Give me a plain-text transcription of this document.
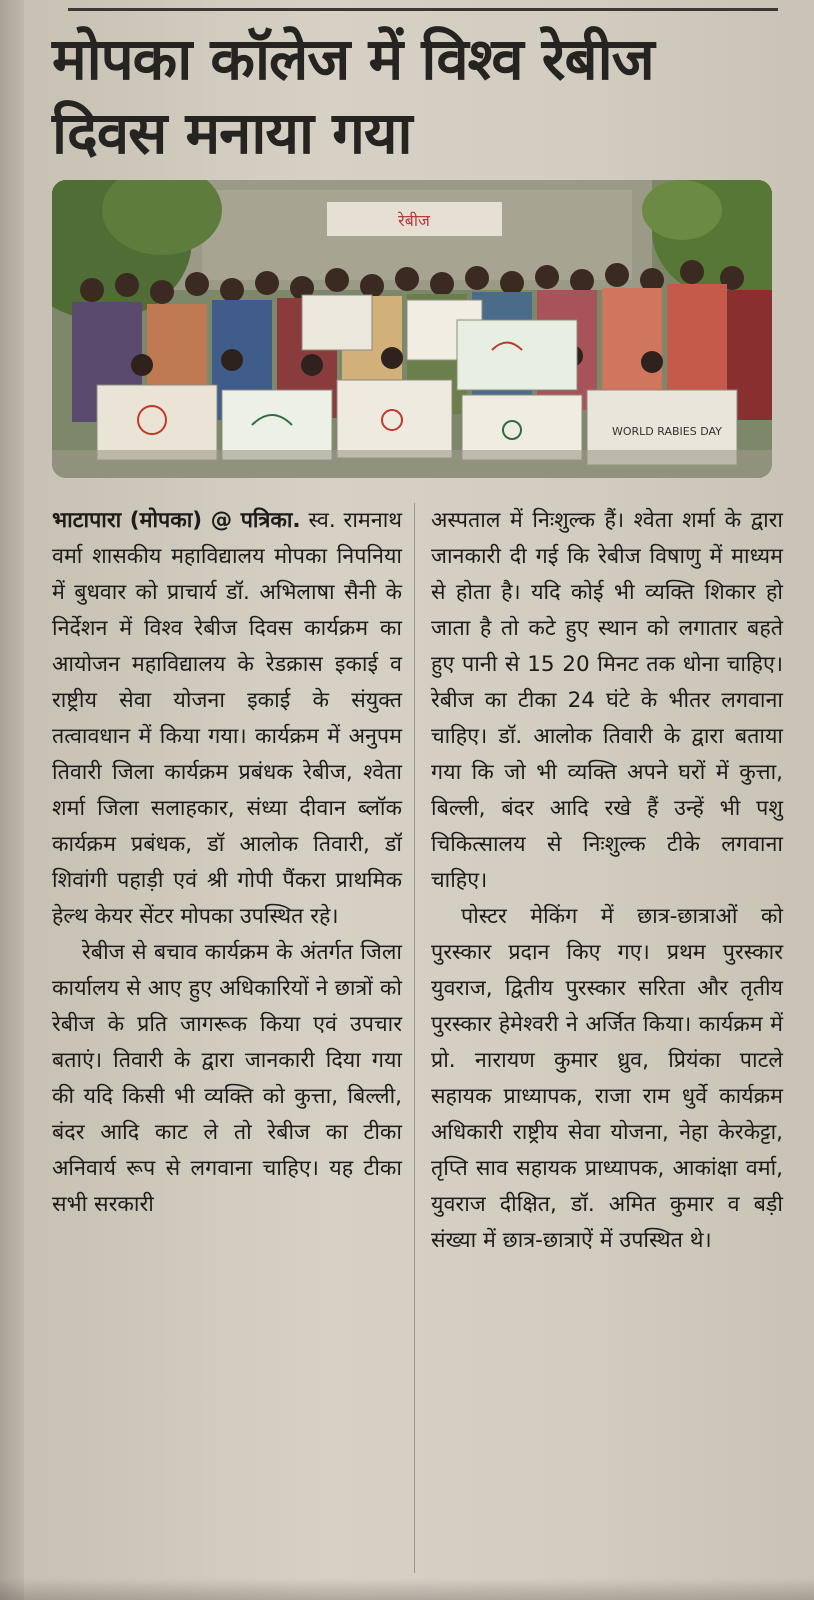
मोपका कॉलेज में विश्व रेबीज दिवस मनाया गया
रेबीज
WORLD RABIES DAY

भाटापारा (मोपका) @ पत्रिका. स्व. रामनाथ वर्मा शासकीय महाविद्यालय मोपका निपनिया में बुधवार को प्राचार्य डॉ. अभिलाषा सैनी के निर्देशन में विश्व रेबीज दिवस कार्यक्रम का आयोजन महाविद्यालय के रेडक्रास इकाई व राष्ट्रीय सेवा योजना इकाई के संयुक्त तत्वावधान में किया गया। कार्यक्रम में अनुपम तिवारी जिला कार्यक्रम प्रबंधक रेबीज, श्वेता शर्मा जिला सलाहकार, संध्या दीवान ब्लॉक कार्यक्रम प्रबंधक, डॉ आलोक तिवारी, डॉ शिवांगी पहाड़ी एवं श्री गोपी पैंकरा प्राथमिक हेल्थ केयर सेंटर मोपका उपस्थित रहे।

रेबीज से बचाव कार्यक्रम के अंतर्गत जिला कार्यालय से आए हुए अधिकारियों ने छात्रों को रेबीज के प्रति जागरूक किया एवं उपचार बताएं। तिवारी के द्वारा जानकारी दिया गया की यदि किसी भी व्यक्ति को कुत्ता, बिल्ली, बंदर आदि काट ले तो रेबीज का टीका अनिवार्य रूप से लगवाना चाहिए। यह टीका सभी सरकारी

अस्पताल में निःशुल्क हैं। श्वेता शर्मा के द्वारा जानकारी दी गई कि रेबीज विषाणु में माध्यम से होता है। यदि कोई भी व्यक्ति शिकार हो जाता है तो कटे हुए स्थान को लगातार बहते हुए पानी से 15 20 मिनट तक धोना चाहिए। रेबीज का टीका 24 घंटे के भीतर लगवाना चाहिए। डॉ. आलोक तिवारी के द्वारा बताया गया कि जो भी व्यक्ति अपने घरों में कुत्ता, बिल्ली, बंदर आदि रखे हैं उन्हें भी पशु चिकित्सालय से निःशुल्क टीके लगवाना चाहिए।

पोस्टर मेकिंग में छात्र-छात्राओं को पुरस्कार प्रदान किए गए। प्रथम पुरस्कार युवराज, द्वितीय पुरस्कार सरिता और तृतीय पुरस्कार हेमेश्वरी ने अर्जित किया। कार्यक्रम में प्रो. नारायण कुमार ध्रुव, प्रियंका पाटले सहायक प्राध्यापक, राजा राम धुर्वे कार्यक्रम अधिकारी राष्ट्रीय सेवा योजना, नेहा केरकेट्टा, तृप्ति साव सहायक प्राध्यापक, आकांक्षा वर्मा, युवराज दीक्षित, डॉ. अमित कुमार व बड़ी संख्या में छात्र-छात्राऐं में उपस्थित थे।
